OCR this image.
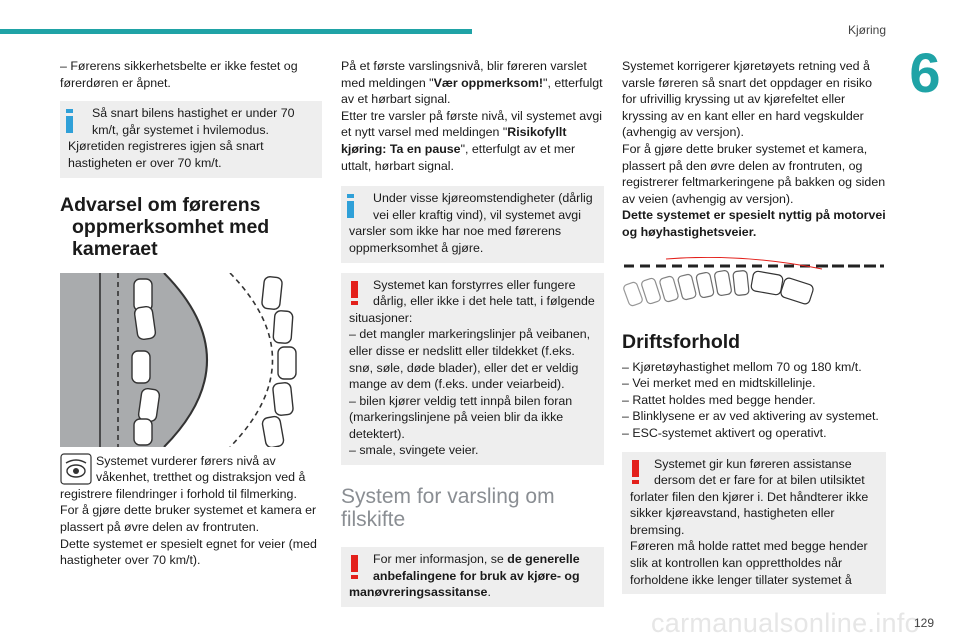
Kjøring
6

– Førerens sikkerhetsbelte er ikke festet og førerdøren er åpnet.

Så snart bilens hastighet er under 70
km/t, går systemet i hvilemodus.

Kjøretiden registreres igjen så snart hastigheten er over 70 km/t.

Advarsel om førerens
oppmerksomhet med
kameraet
Systemet vurderer førers nivå av
våkenhet, tretthet og distraksjon ved å

registrere filendringer i forhold til filmerking.

For å gjøre dette bruker systemet et kamera er plassert på øvre delen av frontruten.

Dette systemet er spesielt egnet for veier (med hastigheter over 70 km/t).

På et første varslingsnivå, blir føreren varslet med meldingen "Vær oppmerksom!", etterfulgt av et hørbart signal.

Etter tre varsler på første nivå, vil systemet avgi et nytt varsel med meldingen "Risikofyllt kjøring: Ta en pause", etterfulgt av et mer uttalt, hørbart signal.

Under visse kjøreomstendigheter (dårlig
vei eller kraftig vind), vil systemet avgi

varsler som ikke har noe med førerens oppmerksomhet å gjøre.

Systemet kan forstyrres eller fungere
dårlig, eller ikke i det hele tatt, i følgende

situasjoner:

– det mangler markeringslinjer på veibanen, eller disse er nedslitt eller tildekket (f.eks. snø, søle, døde blader), eller det er veldig mange av dem (f.eks. under veiarbeid).

– bilen kjører veldig tett innpå bilen foran (markeringslinjene på veien blir da ikke detektert).

– smale, svingete veier.

System for varsling om
filskifte
For mer informasjon, se de generelle
anbefalingene for bruk av kjøre- og

manøvreringsassitanse.

Systemet korrigerer kjøretøyets retning ved å varsle føreren så snart det oppdager en risiko for ufrivillig kryssing ut av kjørefeltet eller kryssing av en kant eller en hard vegskulder (avhengig av versjon).

For å gjøre dette bruker systemet et kamera, plassert på den øvre delen av frontruten, og registrerer feltmarkeringene på bakken og siden av veien (avhengig av versjon).

Dette systemet er spesielt nyttig på motorvei og høyhastighetsveier.

Driftsforhold

– Kjøretøyhastighet mellom 70 og 180 km/t.

– Vei merket med en midtskillelinje.

– Rattet holdes med begge hender.

– Blinklysene er av ved aktivering av systemet.

– ESC-systemet aktivert og operativt.

Systemet gir kun føreren assistanse
dersom det er fare for at bilen utilsiktet

forlater filen den kjører i. Det håndterer ikke sikker kjøreavstand, hastigheten eller bremsing.

Føreren må holde rattet med begge hender slik at kontrollen kan opprettholdes når forholdene ikke lenger tillater systemet å

carmanualsonline.info
129
